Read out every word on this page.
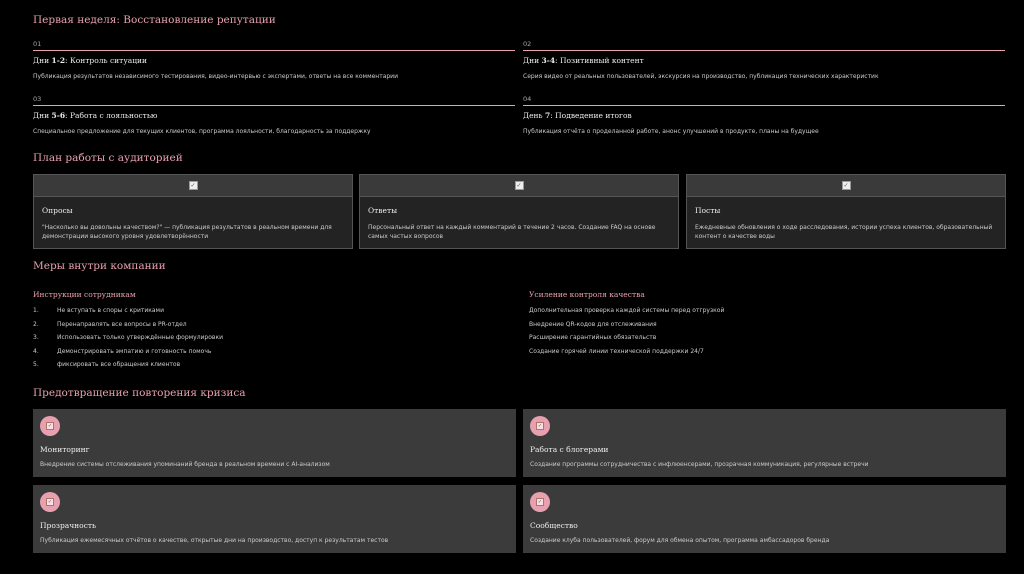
Первая неделя: Восстановление репутации
01
Дни 1-2: Контроль ситуации
Публикация результатов независимого тестирования, видео-интервью с экспертами, ответы на все комментарии
02
Дни 3-4: Позитивный контент
Серия видео от реальных пользователей, экскурсия на производство, публикация технических характеристик
03
Дни 5-6: Работа с лояльностью
Специальное предложение для текущих клиентов, программа лояльности, благодарность за поддержку
04
День 7: Подведение итогов
Публикация отчёта о проделанной работе, анонс улучшений в продукте, планы на будущее
План работы с аудиторией
✓
Опросы
"Насколько вы довольны качеством?" — публикация результатов в реальном времени для демонстрации высокого уровня удовлетворённости
✓
Ответы
Персональный ответ на каждый комментарий в течение 2 часов. Создание FAQ на основе самых частых вопросов
✓
Посты
Ежедневные обновления о ходе расследования, истории успеха клиентов, образовательный контент о качестве воды
Меры внутри компании
Инструкции сотрудникам
1.	Не вступать в споры с критиками
2.	Перенаправлять все вопросы в PR-отдел
3.	Использовать только утверждённые формулировки
4.	Демонстрировать эмпатию и готовность помочь
5.	фиксировать все обращения клиентов
Усиление контроля качества
Дополнительная проверка каждой системы перед отгрузкой
Внедрение QR-кодов для отслеживания
Расширение гарантийных обязательств
Создание горячей линии технической поддержки 24/7
Предотвращение повторения кризиса
✓
Мониторинг
Внедрение системы отслеживания упоминаний бренда в реальном времени с AI-анализом
✓
Работа с блогерами
Создание программы сотрудничества с инфлюенсерами, прозрачная коммуникация, регулярные встречи
✓
Прозрачность
Публикация ежемесячных отчётов о качестве, открытые дни на производство, доступ к результатам тестов
✓
Сообщество
Создание клуба пользователей, форум для обмена опытом, программа амбассадоров бренда
